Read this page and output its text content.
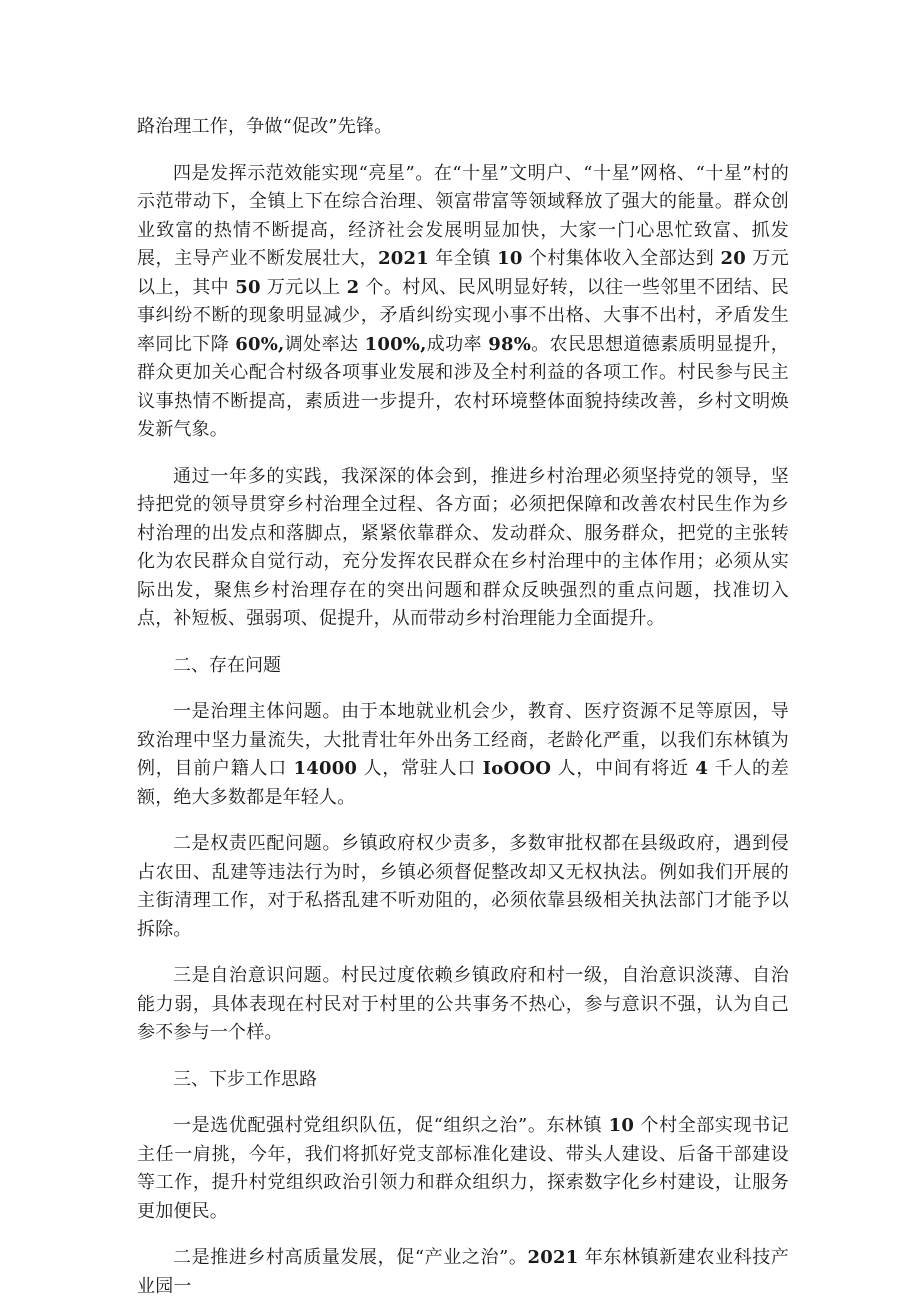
路治理工作，争做“促改”先锋。

四是发挥示范效能实现“亮星”。在“十星”文明户、“十星”网格、“十星”村的示范带动下，全镇上下在综合治理、领富带富等领域释放了强大的能量。群众创业致富的热情不断提高，经济社会发展明显加快，大家一门心思忙致富、抓发展，主导产业不断发展壮大，2021 年全镇 10 个村集体收入全部达到 20 万元以上，其中 50 万元以上 2 个。村风、民风明显好转，以往一些邻里不团结、民事纠纷不断的现象明显减少，矛盾纠纷实现小事不出格、大事不出村，矛盾发生率同比下降 60%,调处率达 100%,成功率 98%。农民思想道德素质明显提升，群众更加关心配合村级各项事业发展和涉及全村利益的各项工作。村民参与民主议事热情不断提高，素质进一步提升，农村环境整体面貌持续改善，乡村文明焕发新气象。

通过一年多的实践，我深深的体会到，推进乡村治理必须坚持党的领导，坚持把党的领导贯穿乡村治理全过程、各方面；必须把保障和改善农村民生作为乡村治理的出发点和落脚点，紧紧依靠群众、发动群众、服务群众，把党的主张转化为农民群众自觉行动，充分发挥农民群众在乡村治理中的主体作用；必须从实际出发，聚焦乡村治理存在的突出问题和群众反映强烈的重点问题，找准切入点，补短板、强弱项、促提升，从而带动乡村治理能力全面提升。

二、存在问题

一是治理主体问题。由于本地就业机会少，教育、医疗资源不足等原因，导致治理中坚力量流失，大批青壮年外出务工经商，老龄化严重，以我们东林镇为例，目前户籍人口 14000 人，常驻人口 IoOOO 人，中间有将近 4 千人的差额，绝大多数都是年轻人。

二是权责匹配问题。乡镇政府权少责多，多数审批权都在县级政府，遇到侵占农田、乱建等违法行为时，乡镇必须督促整改却又无权执法。例如我们开展的主街清理工作，对于私搭乱建不听劝阻的，必须依靠县级相关执法部门才能予以拆除。

三是自治意识问题。村民过度依赖乡镇政府和村一级，自治意识淡薄、自治能力弱，具体表现在村民对于村里的公共事务不热心，参与意识不强，认为自己参不参与一个样。

三、下步工作思路

一是选优配强村党组织队伍，促“组织之治”。东林镇 10 个村全部实现书记主任一肩挑，今年，我们将抓好党支部标准化建设、带头人建设、后备干部建设等工作，提升村党组织政治引领力和群众组织力，探索数字化乡村建设，让服务更加便民。

二是推进乡村高质量发展，促“产业之治”。2021 年东林镇新建农业科技产业园一
